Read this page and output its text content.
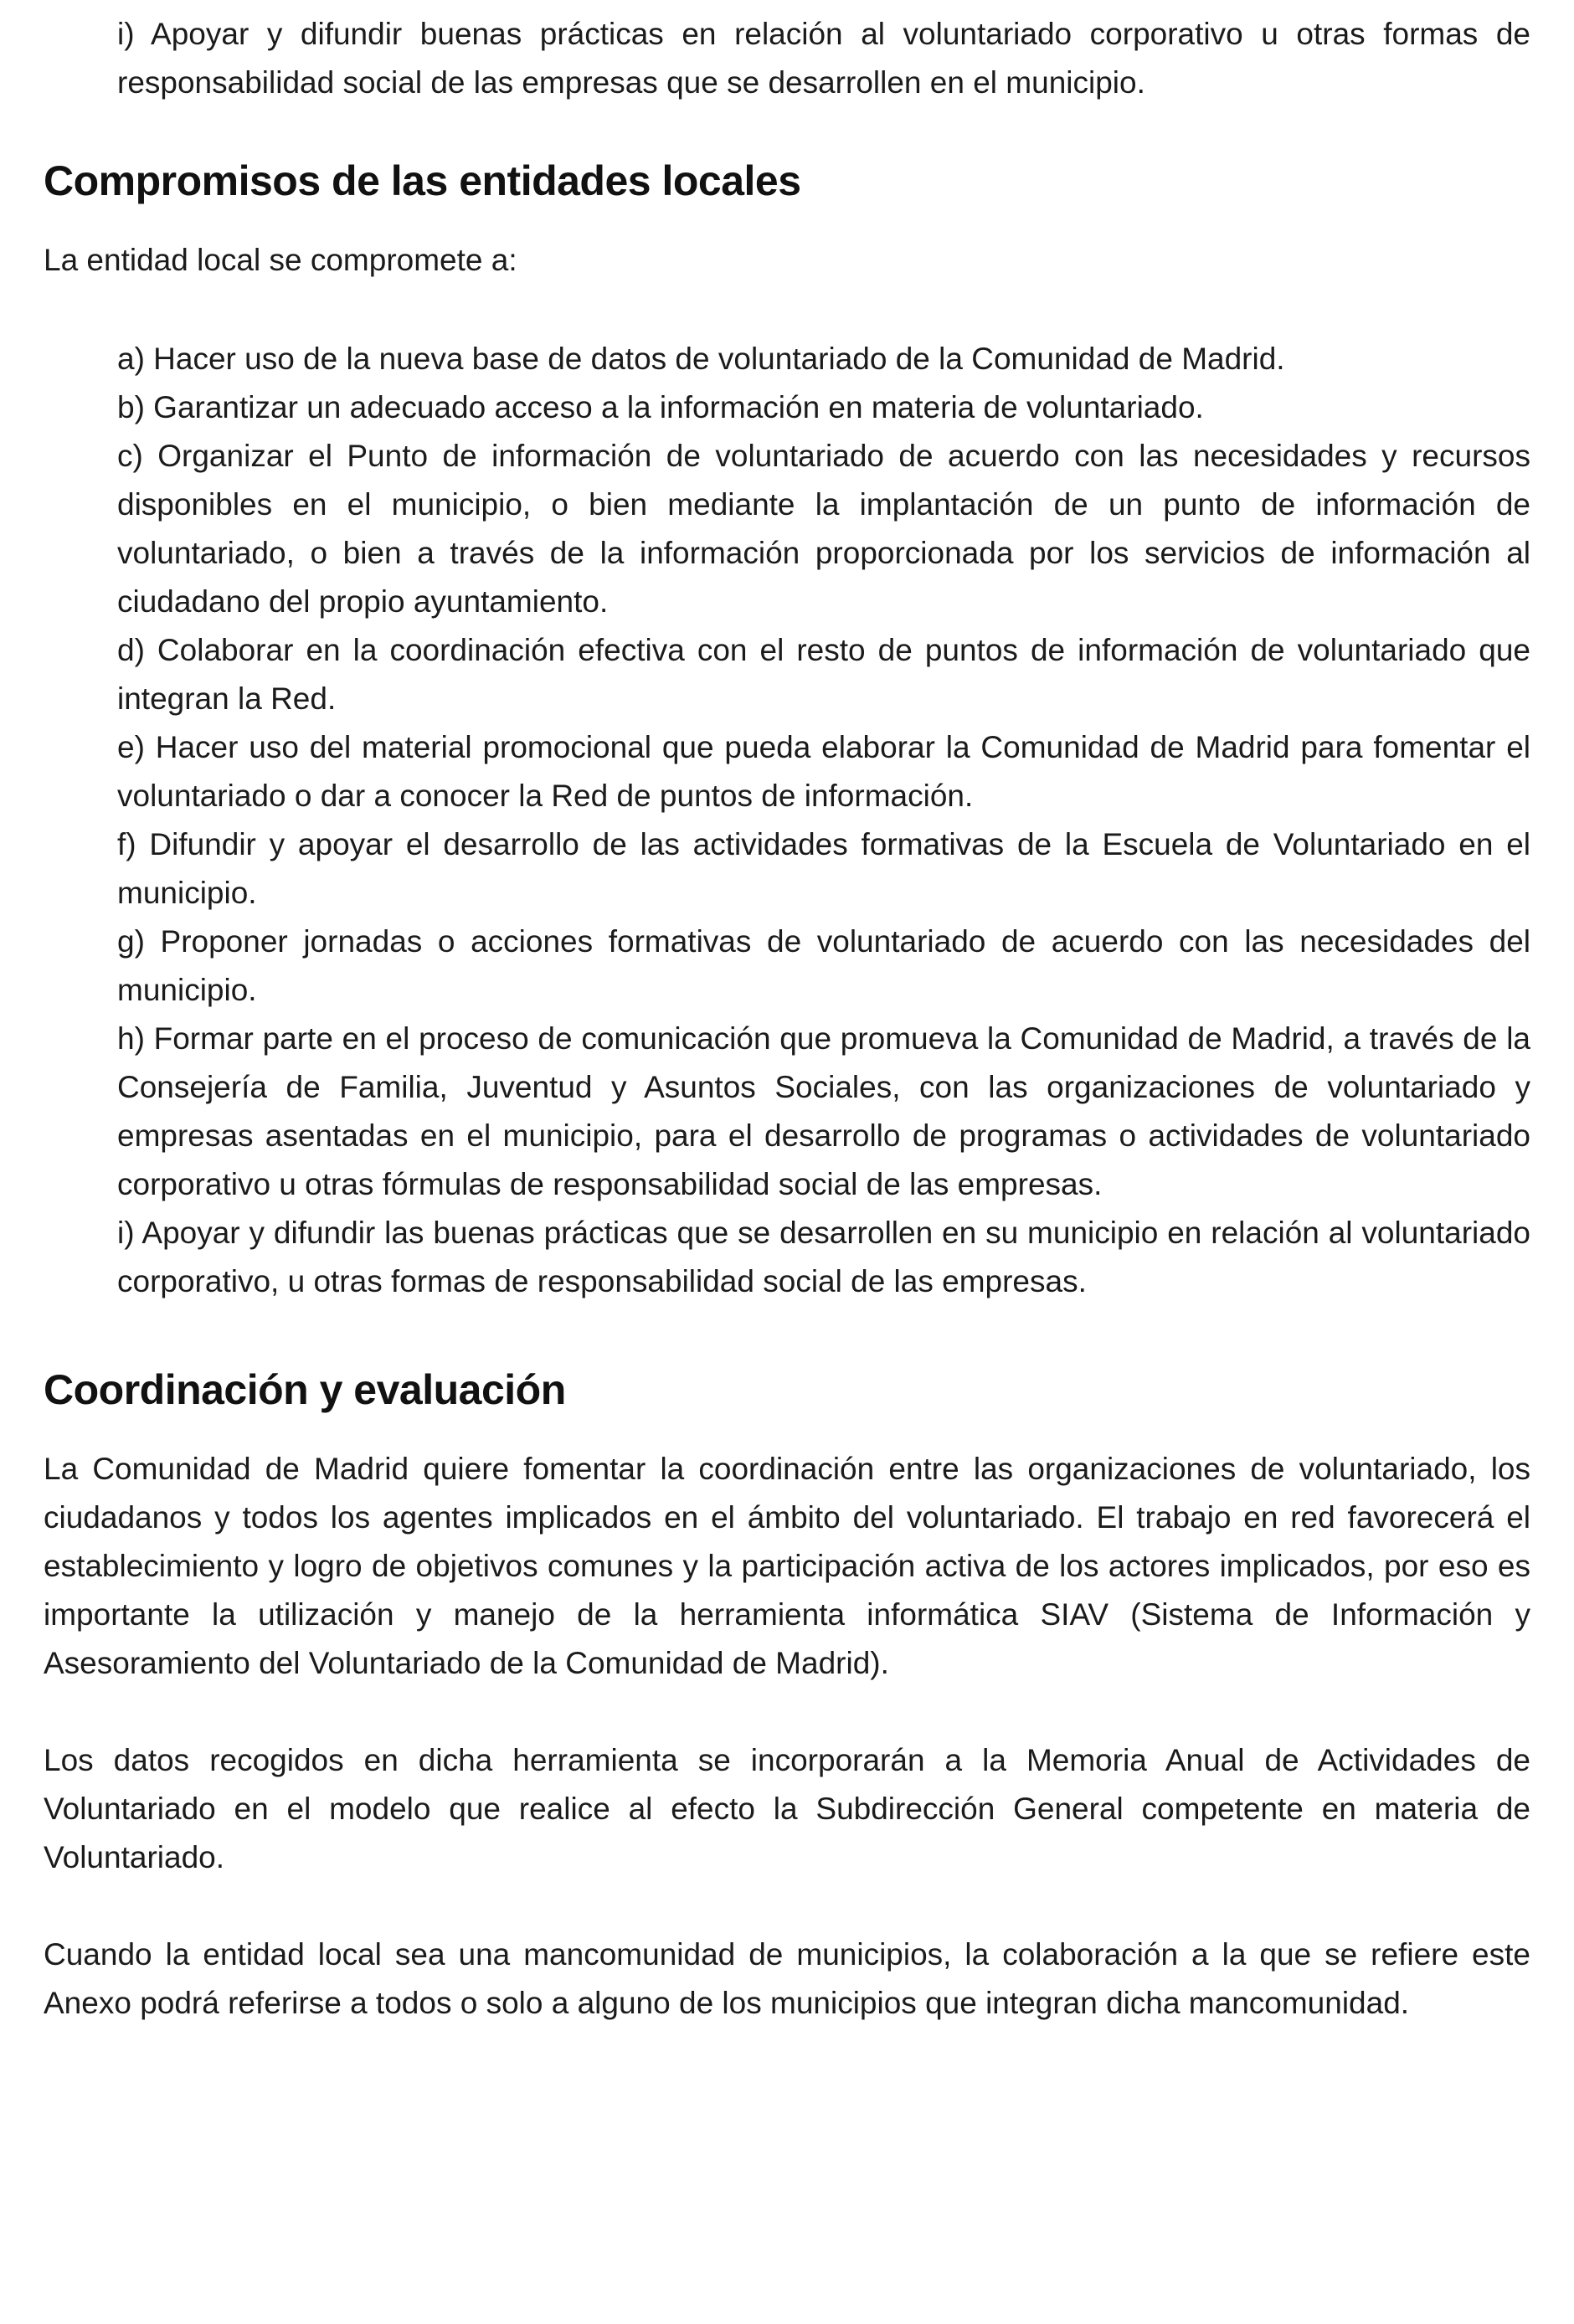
i) Apoyar y difundir buenas prácticas en relación al voluntariado corporativo u otras formas de responsabilidad social de las empresas que se desarrollen en el municipio.

Compromisos de las entidades locales

La entidad local se compromete a:

a) Hacer uso de la nueva base de datos de voluntariado de la Comunidad de Madrid.

b) Garantizar un adecuado acceso a la información en materia de voluntariado.

c) Organizar el Punto de información de voluntariado de acuerdo con las necesidades y recursos disponibles en el municipio, o bien mediante la implantación de un punto de información de voluntariado, o bien a través de la información proporcionada por los servicios de información al ciudadano del propio ayuntamiento.

d) Colaborar en la coordinación efectiva con el resto de puntos de información de voluntariado que integran la Red.

e) Hacer uso del material promocional que pueda elaborar la Comunidad de Madrid para fomentar el voluntariado o dar a conocer la Red de puntos de información.

f) Difundir y apoyar el desarrollo de las actividades formativas de la Escuela de Voluntariado en el municipio.

g) Proponer jornadas o acciones formativas de voluntariado de acuerdo con las necesidades del municipio.

h) Formar parte en el proceso de comunicación que promueva la Comunidad de Madrid, a través de la Consejería de Familia, Juventud y Asuntos Sociales, con las organizaciones de voluntariado y empresas asentadas en el municipio, para el desarrollo de programas o actividades de voluntariado corporativo u otras fórmulas de responsabilidad social de las empresas.

i) Apoyar y difundir las buenas prácticas que se desarrollen en su municipio en relación al voluntariado corporativo, u otras formas de responsabilidad social de las empresas.

Coordinación y evaluación

La Comunidad de Madrid quiere fomentar la coordinación entre las organizaciones de voluntariado, los ciudadanos y todos los agentes implicados en el ámbito del voluntariado. El trabajo en red favorecerá el establecimiento y logro de objetivos comunes y la participación activa de los actores implicados, por eso es importante la utilización y manejo de la herramienta informática SIAV (Sistema de Información y Asesoramiento del Voluntariado de la Comunidad de Madrid).

Los datos recogidos en dicha herramienta se incorporarán a la Memoria Anual de Actividades de Voluntariado en el modelo que realice al efecto la Subdirección General competente en materia de Voluntariado.

Cuando la entidad local sea una mancomunidad de municipios, la colaboración a la que se refiere este Anexo podrá referirse a todos o solo a alguno de los municipios que integran dicha mancomunidad.
